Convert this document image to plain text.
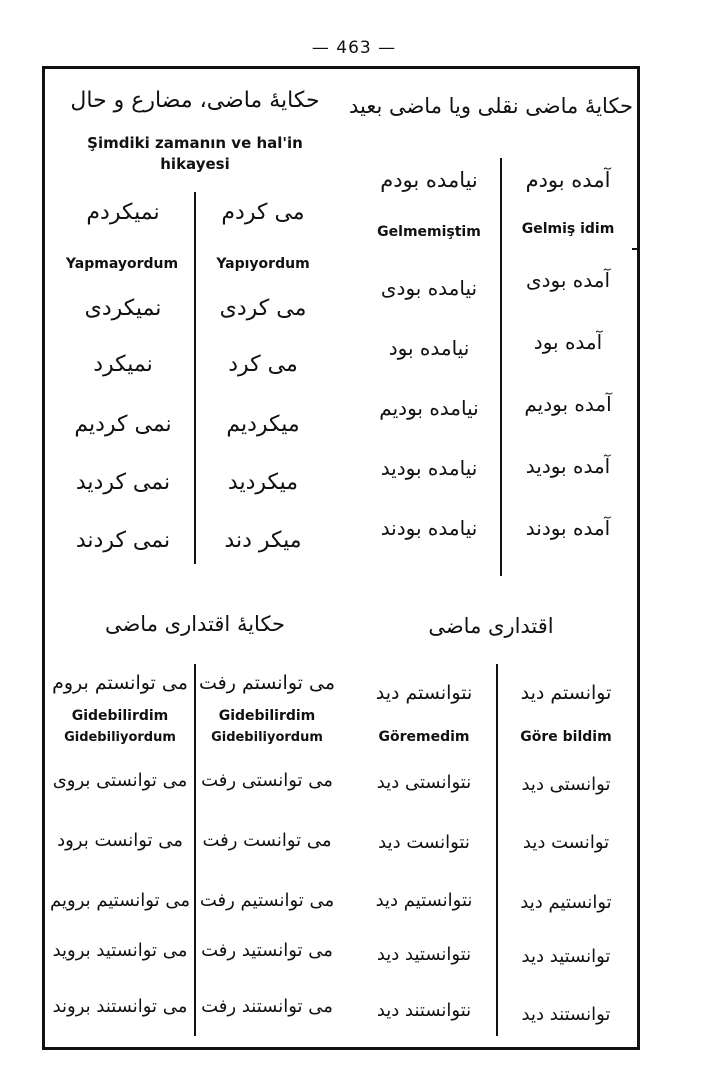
— 463 —
حکایهٔ ماضی، مضارع و حال
Şimdiki zamanın ve hal'in
hikayesi
نمیکردم
Yapmayordum
می کردم
Yapıyordum
نمیکردی
نمیکرد
نمی کردیم
نمی کردید
نمی کردند
می کردی
می کرد
میکردیم
میکردید
میکر دند
حکایهٔ ماضی نقلی ویا ماضی بعید
نیامده بودم
Gelmemiştim
آمده بودم
Gelmiş idim
نیامده بودی
نیامده بود
نیامده بودیم
نیامده بودید
نیامده بودند
آمده بودی
آمده بود
آمده بودیم
آمده بودید
آمده بودند
حکایهٔ اقتداری ماضی
می توانستم بروم
Gidebilirdim
Gidebiliyordum
می توانستم رفت
Gidebilirdim
Gidebiliyordum
می توانستی بروی
می توانست برود
می توانستیم برویم
می توانستید بروید
می توانستند بروند
می توانستی رفت
می توانست رفت
می توانستیم رفت
می توانستید رفت
می توانستند رفت
اقتداری ماضی
نتوانستم دید
Göremedim
توانستم دید
Göre bildim
نتوانستی دید
نتوانست دید
نتوانستیم دید
نتوانستید دید
نتوانستند دید
توانستی دید
توانست دید
توانستیم دید
توانستید دید
توانستند دید
